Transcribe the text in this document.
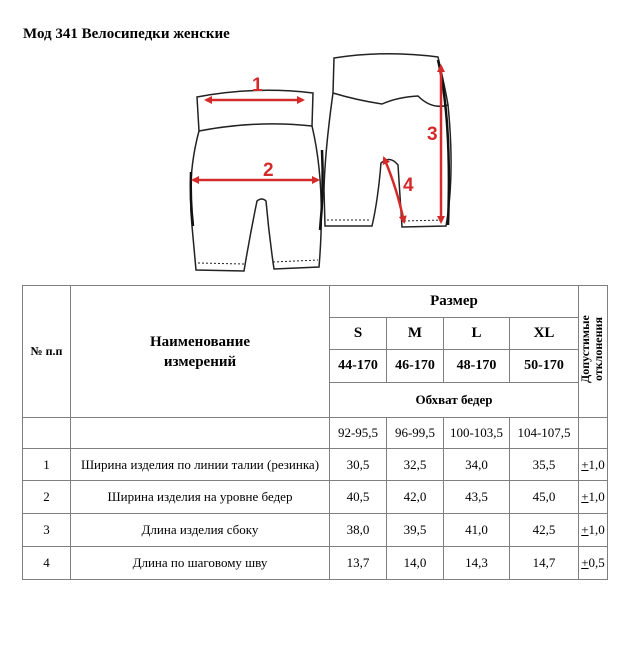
Мод 341 Велосипедки женские
1
2
3
4
№ п.п	Наименование измерений	Размер				Допустимые отклонения
		S	M	L	XL	
		44-170	46-170	48-170	50-170	
		Обхват бедер				
		92-95,5	96-99,5	100-103,5	104-107,5	
1	Ширина изделия по линии талии (резинка)	30,5	32,5	34,0	35,5	+1,0
2	Ширина изделия на уровне бедер	40,5	42,0	43,5	45,0	+1,0
3	Длина изделия сбоку	38,0	39,5	41,0	42,5	+1,0
4	Длина по шаговому шву	13,7	14,0	14,3	14,7	+0,5
